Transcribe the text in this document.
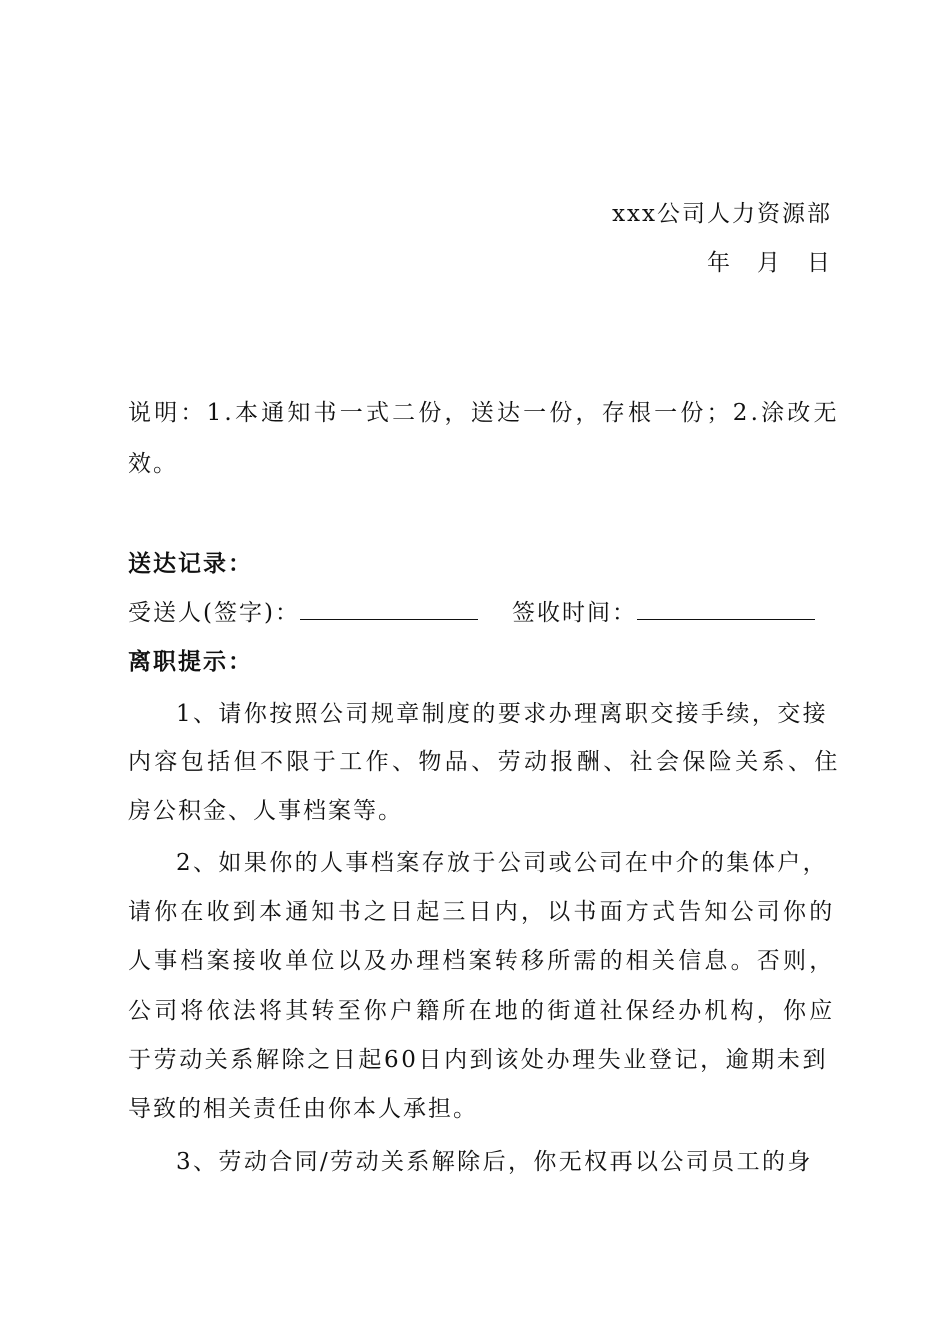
xxx公司人力资源部
年　月　日
说明：1.本通知书一式二份，送达一份，存根一份；2.涂改无
效。
送达记录：
受送人(签字)：	签收时间：
离职提示：
1、请你按照公司规章制度的要求办理离职交接手续，交接
内容包括但不限于工作、物品、劳动报酬、社会保险关系、住
房公积金、人事档案等。
2、如果你的人事档案存放于公司或公司在中介的集体户，
请你在收到本通知书之日起三日内，以书面方式告知公司你的
人事档案接收单位以及办理档案转移所需的相关信息。否则，
公司将依法将其转至你户籍所在地的街道社保经办机构，你应
于劳动关系解除之日起60日内到该处办理失业登记，逾期未到
导致的相关责任由你本人承担。
3、劳动合同/劳动关系解除后，你无权再以公司员工的身
